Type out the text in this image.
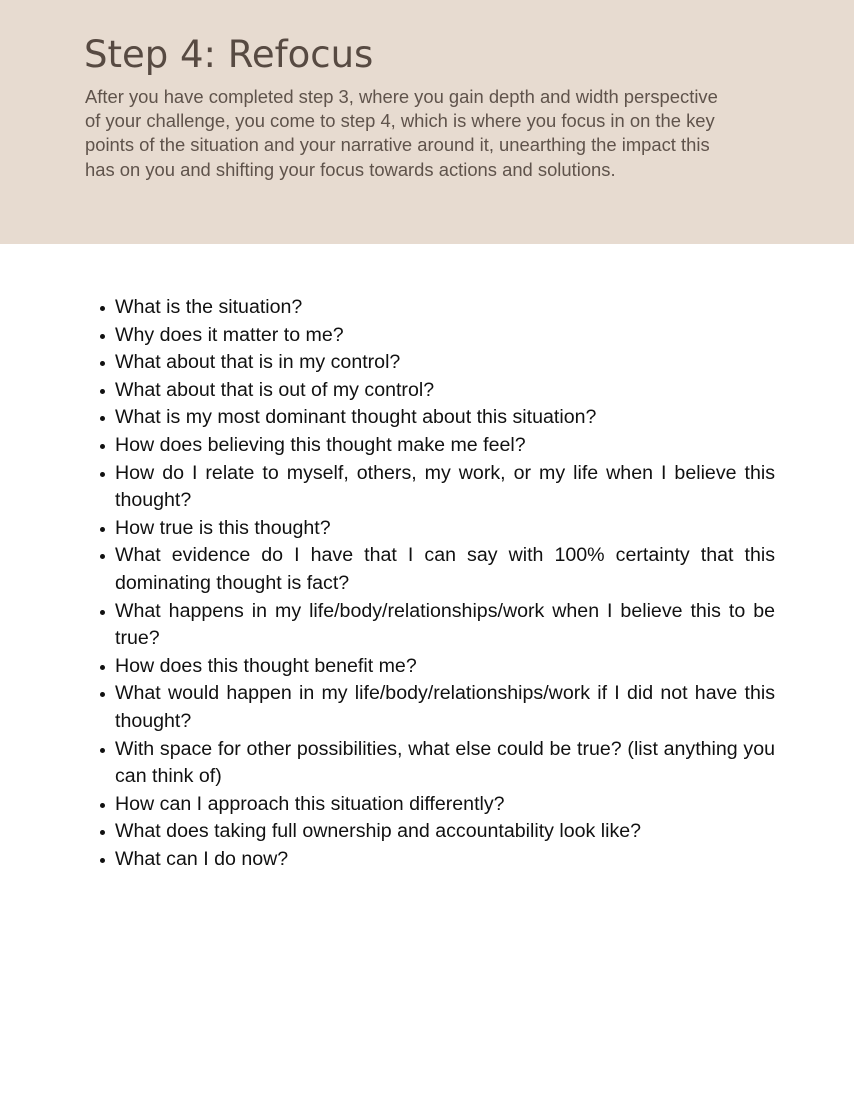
Step 4: Refocus

After you have completed step 3, where you gain depth and width perspective of your challenge, you come to step 4, which is where you focus in on the key points of the situation and your narrative around it, unearthing the impact this has on you and shifting your focus towards actions and solutions.

What is the situation?
Why does it matter to me?
What about that is in my control?
What about that is out of my control?
What is my most dominant thought about this situation?
How does believing this thought make me feel?
How do I relate to myself, others, my work, or my life when I believe this thought?
How true is this thought?
What evidence do I have that I can say with 100% certainty that this dominating thought is fact?
What happens in my life/body/relationships/work when I believe this to be true?
How does this thought benefit me?
What would happen in my life/body/relationships/work if I did not have this thought?
With space for other possibilities, what else could be true? (list anything you can think of)
How can I approach this situation differently?
What does taking full ownership and accountability look like?
What can I do now?
